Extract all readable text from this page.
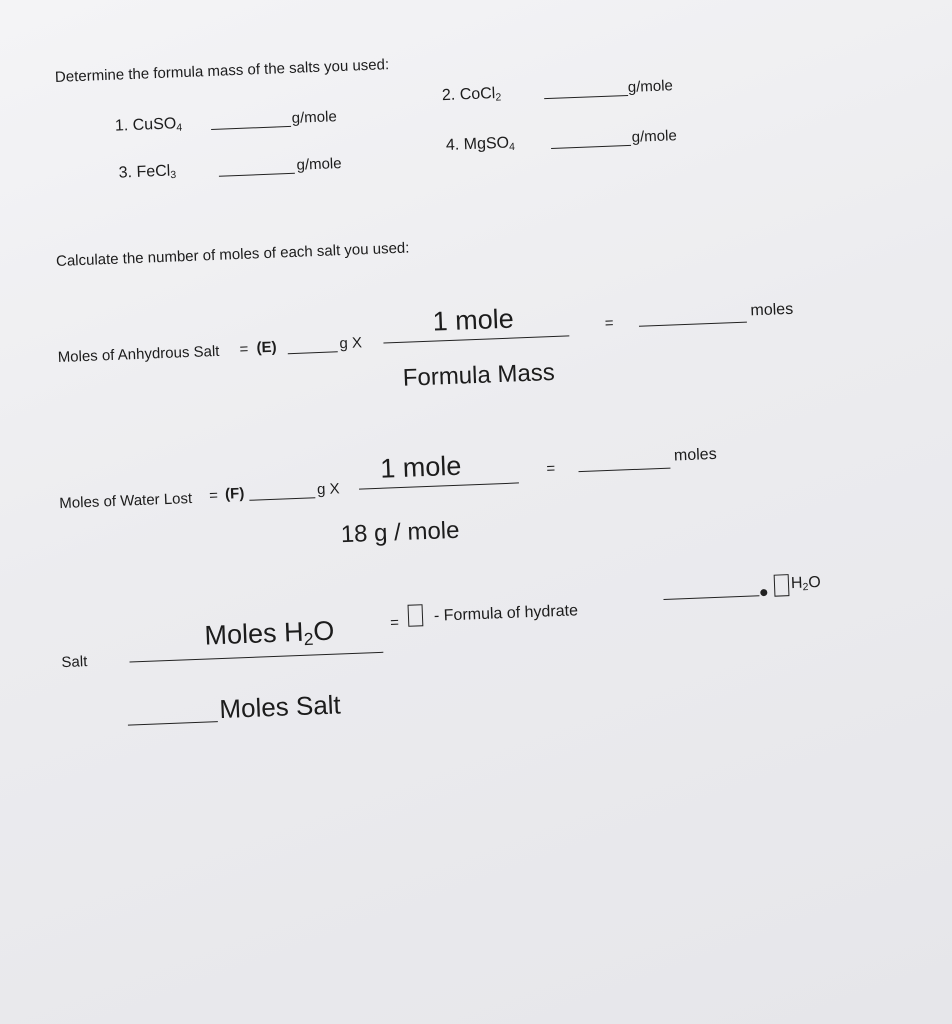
Determine the formula mass of the salts you used:
1. CuSO$_4$
g/mole
2. CoCl$_2$
g/mole
3. FeCl$_3$
g/mole
4. MgSO$_4$
g/mole
Calculate the number of moles of each salt you used:
Moles of Anhydrous Salt = (E)	g X
1 mole
Formula Mass
=
moles
Moles of Water Lost = (F)	g X
1 mole
18 g / mole
=
moles
Salt
Moles $H_2O$
Moles Salt
= - Formula of hydrate
$H_2O$
